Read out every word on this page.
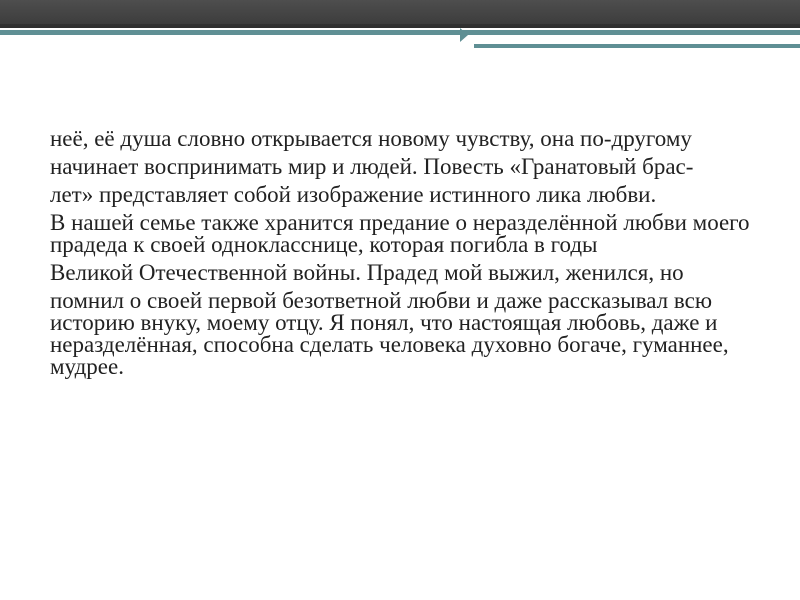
неё, её душа словно открывается новому чувству, она по-другому

начинает воспринимать мир и людей. Повесть «Гранатовый брас-

лет» представляет собой изображение истинного лика любви.

В нашей семье также хранится предание о неразделённой любви моего прадеда к своей однокласснице, которая погибла в годы

Великой Отечественной войны. Прадед мой выжил, женился, но

помнил о своей первой безответной любви и даже рассказывал всю историю внуку, моему отцу. Я понял, что настоящая любовь, даже и неразделённая, способна сделать человека духовно богаче, гуманнее, мудрее.
